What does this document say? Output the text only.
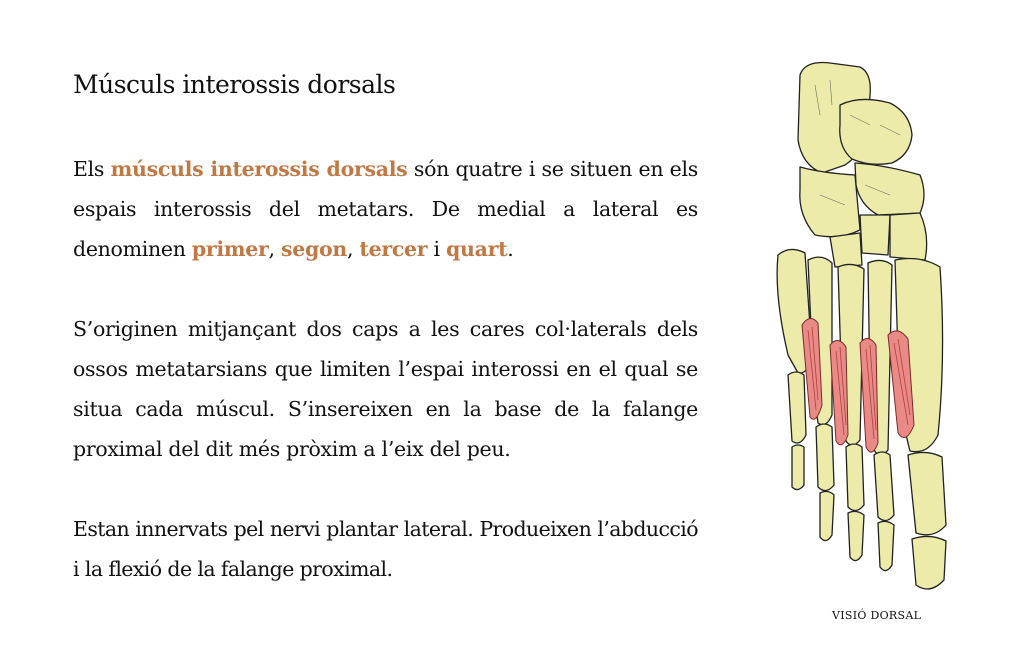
Músculs interossis dorsals

Els músculs interossis dorsals són quatre i se situen en els espais interossis del metatars. De medial a lateral es denominen primer, segon, tercer i quart.

S’originen mitjançant dos caps a les cares col·laterals dels ossos metatarsians que limiten l’espai interossi en el qual se situa cada múscul. S’insereixen en la base de la falange proximal del dit més pròxim a l’eix del peu.

Estan innervats pel nervi plantar lateral. Produeixen l’abducció i la flexió de la falange proximal.

VISIÓ DORSAL
